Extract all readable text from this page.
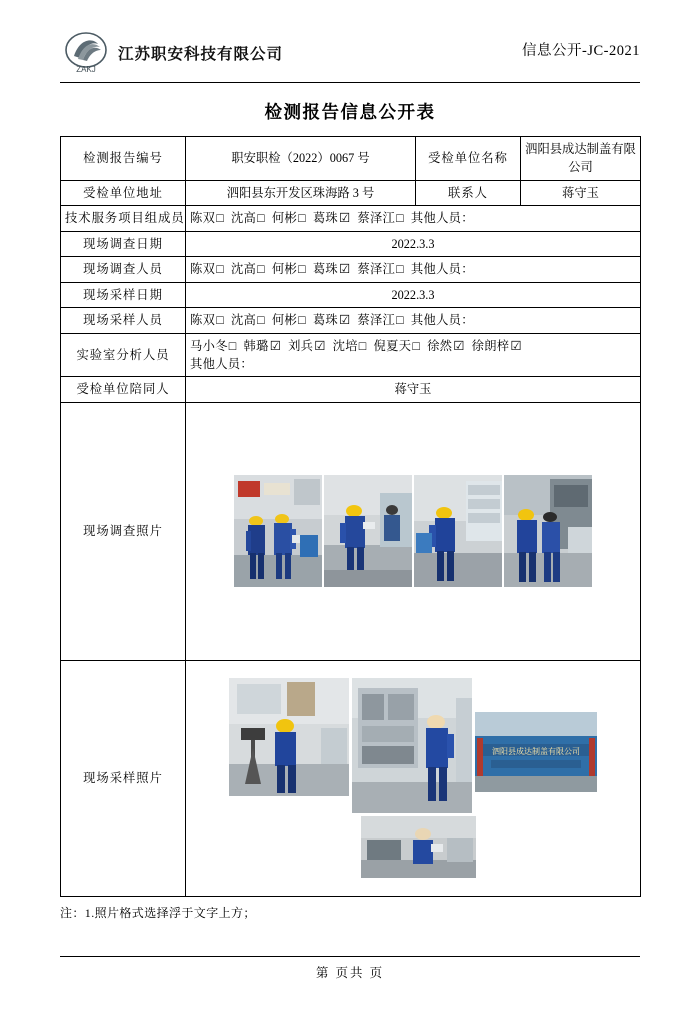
ZAKJ
江苏职安科技有限公司	信息公开-JC-2021
检测报告信息公开表
检测报告编号	职安职检（2022）0067 号	受检单位名称	泗阳县成达制盖有限公司
受检单位地址	泗阳县东开发区珠海路 3 号	联系人	蒋守玉
技术服务项目组成员	陈双□ 沈高□ 何彬□ 葛珠☑ 蔡泽江□ 其他人员：		
现场调查日期	2022.3.3		
现场调查人员	陈双□ 沈高□ 何彬□ 葛珠☑ 蔡泽江□ 其他人员：		
现场采样日期	2022.3.3		
现场采样人员	陈双□ 沈高□ 何彬□ 葛珠☑ 蔡泽江□ 其他人员：		
实验室分析人员	马小冬□ 韩璐☑ 刘兵☑ 沈培□ 倪夏天□ 徐然☑ 徐朗梓☑
其他人员：		
受检单位陪同人	蒋守玉		
现场调查照片	

现场采样照片	泗阳县成达制盖有限公司		
注：1.照片格式选择浮于文字上方；
第 页共 页
